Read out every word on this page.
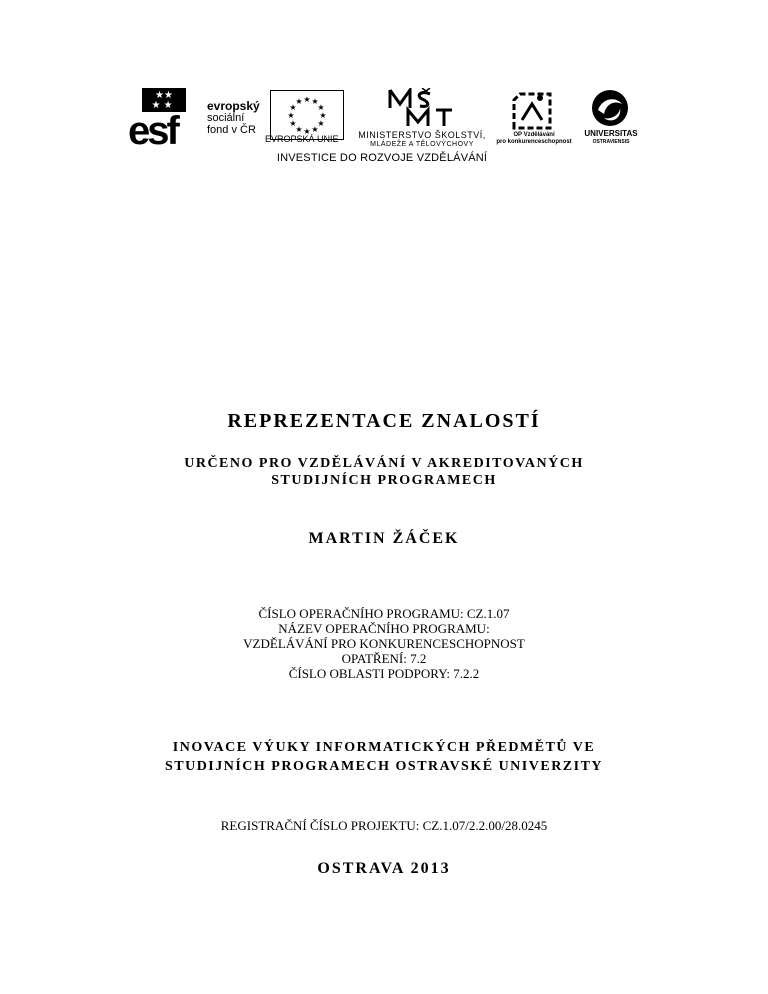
★★
★ ★
esf
evropský
sociální
fond v ČR
★ ★
★
★
★
★
★
★
★
★
★
★
EVROPSKÁ UNIE	MINISTERSTVO ŠKOLSTVÍ,
MLÁDEŽE A TĚLOVÝCHOVY
OP Vzdělávání
pro konkurenceschopnost
UNIVERSITAS
OSTRAVIENSIS
INVESTICE DO ROZVOJE VZDĚLÁVÁNÍ
REPREZENTACE ZNALOSTÍ
URČENO PRO VZDĚLÁVÁNÍ V AKREDITOVANÝCH
STUDIJNÍCH PROGRAMECH
MARTIN ŽÁČEK
ČÍSLO OPERAČNÍHO PROGRAMU: CZ.1.07
NÁZEV OPERAČNÍHO PROGRAMU:
VZDĚLÁVÁNÍ PRO KONKURENCESCHOPNOST
OPATŘENÍ: 7.2
ČÍSLO OBLASTI PODPORY: 7.2.2
INOVACE VÝUKY INFORMATICKÝCH PŘEDMĚTŮ VE
STUDIJNÍCH PROGRAMECH OSTRAVSKÉ UNIVERZITY
REGISTRAČNÍ ČÍSLO PROJEKTU: CZ.1.07/2.2.00/28.0245
OSTRAVA 2013
